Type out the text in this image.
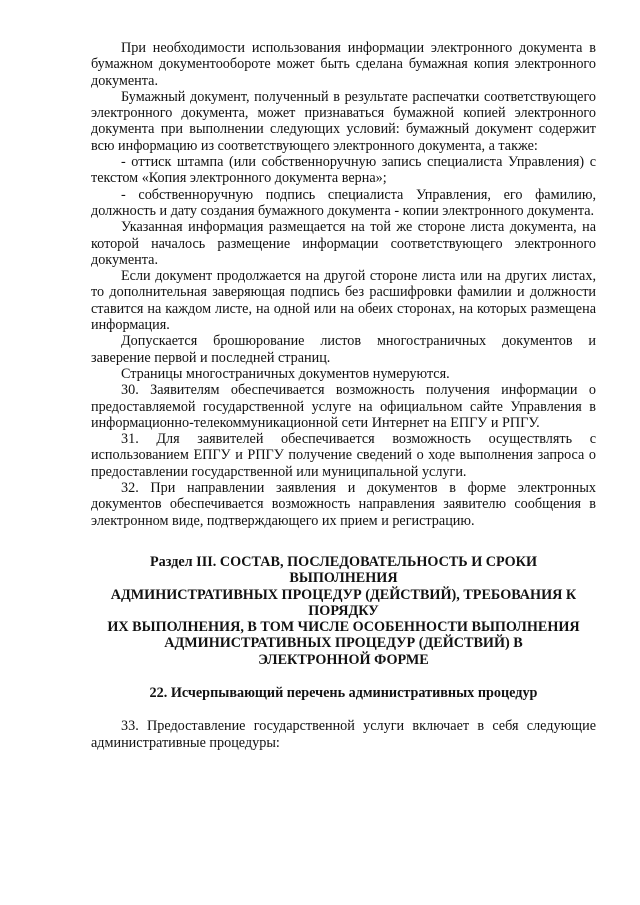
При необходимости использования информации электронного документа в бумажном документообороте может быть сделана бумажная копия электронного документа.

Бумажный документ, полученный в результате распечатки соответствующего электронного документа, может признаваться бумажной копией электронного документа при выполнении следующих условий: бумажный документ содержит всю информацию из соответствующего электронного документа, а также:

- оттиск штампа (или собственноручную запись специалиста Управления) с текстом «Копия электронного документа верна»;

- собственноручную подпись специалиста Управления, его фамилию, должность и дату создания бумажного документа - копии электронного документа.

Указанная информация размещается на той же стороне листа документа, на которой началось размещение информации соответствующего электронного документа.

Если документ продолжается на другой стороне листа или на других листах, то дополнительная заверяющая подпись без расшифровки фамилии и должности ставится на каждом листе, на одной или на обеих сторонах, на которых размещена информация.

Допускается брошюрование листов многостраничных документов и заверение первой и последней страниц.

Страницы многостраничных документов нумеруются.

30. Заявителям обеспечивается возможность получения информации о предоставляемой государственной услуге на официальном сайте Управления в информационно-телекоммуникационной сети Интернет на ЕПГУ и РПГУ.

31. Для заявителей обеспечивается возможность осуществлять с использованием ЕПГУ и РПГУ получение сведений о ходе выполнения запроса о предоставлении государственной или муниципальной услуги.

32. При направлении заявления и документов в форме электронных документов обеспечивается возможность направления заявителю сообщения в электронном виде, подтверждающего их прием и регистрацию.

Раздел III. СОСТАВ, ПОСЛЕДОВАТЕЛЬНОСТЬ И СРОКИ
ВЫПОЛНЕНИЯ
АДМИНИСТРАТИВНЫХ ПРОЦЕДУР (ДЕЙСТВИЙ), ТРЕБОВАНИЯ К
ПОРЯДКУ
ИХ ВЫПОЛНЕНИЯ, В ТОМ ЧИСЛЕ ОСОБЕННОСТИ ВЫПОЛНЕНИЯ
АДМИНИСТРАТИВНЫХ ПРОЦЕДУР (ДЕЙСТВИЙ) В
ЭЛЕКТРОННОЙ ФОРМЕ
22. Исчерпывающий перечень административных процедур

33. Предоставление государственной услуги включает в себя следующие административные процедуры:
